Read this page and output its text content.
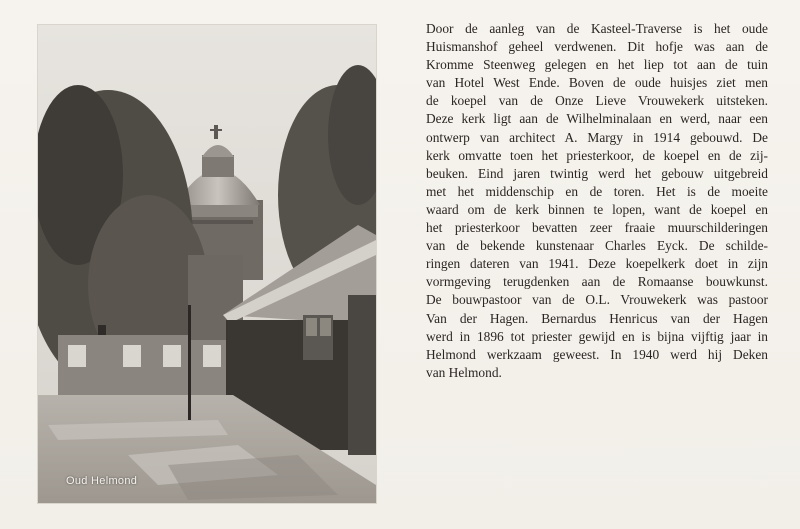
Oud Helmond
Door de aanleg van de Kasteel-Traverse is het oude
Huismanshof geheel verdwenen. Dit hofje was aan de
Kromme Steenweg gelegen en het liep tot aan de tuin
van Hotel West Ende. Boven de oude huisjes ziet men
de koepel van de Onze Lieve Vrouwekerk uitsteken.
Deze kerk ligt aan de Wilhelminalaan en werd, naar een
ontwerp van architect A. Margy in 1914 gebouwd. De
kerk omvatte toen het priesterkoor, de koepel en de zij-
beuken. Eind jaren twintig werd het gebouw uitgebreid
met het middenschip en de toren. Het is de moeite
waard om de kerk binnen te lopen, want de koepel en
het priesterkoor bevatten zeer fraaie muurschilderingen
van de bekende kunstenaar Charles Eyck. De schilde-
ringen dateren van 1941. Deze koepelkerk doet in zijn
vormgeving terugdenken aan de Romaanse bouwkunst.
De bouwpastoor van de O.L. Vrouwekerk was pastoor
Van der Hagen. Bernardus Henricus van der Hagen
werd in 1896 tot priester gewijd en is bijna vijftig jaar in
Helmond werkzaam geweest. In 1940 werd hij Deken
van Helmond.
